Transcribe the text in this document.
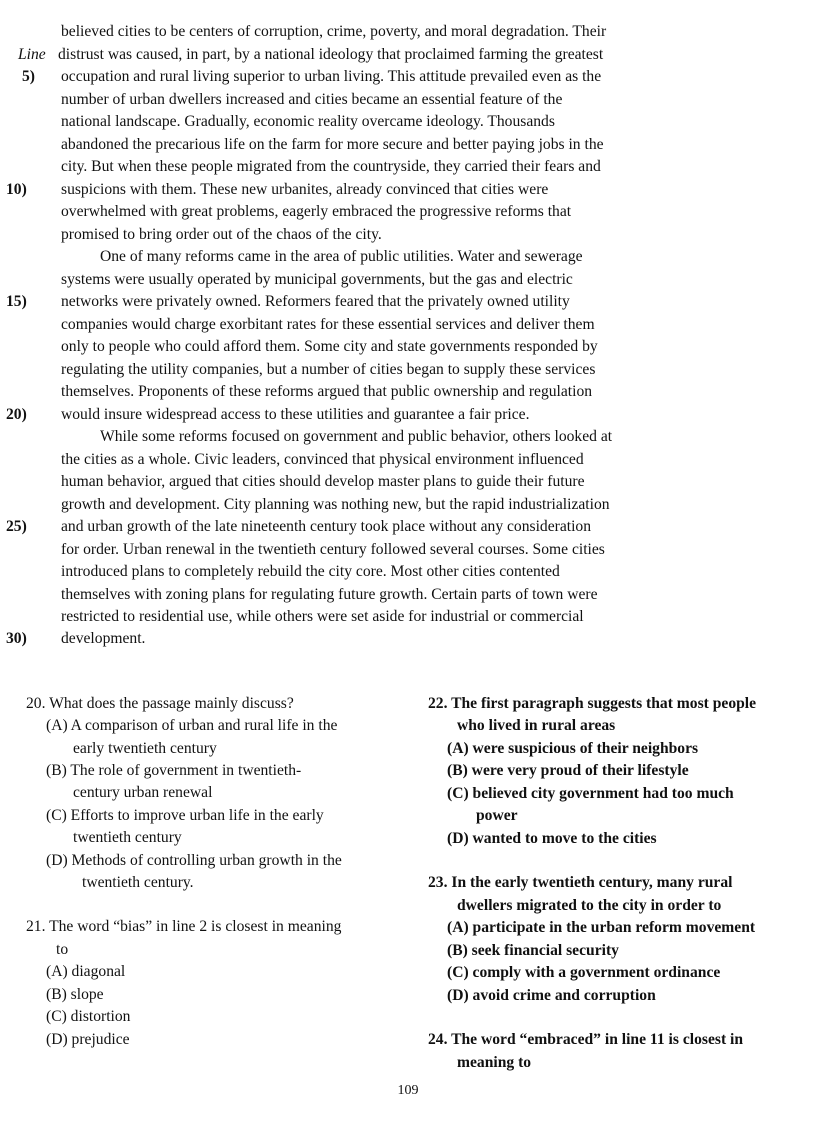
believed cities to be centers of corruption, crime, poverty, and moral degradation. Their
Line distrust was caused, in part, by a national ideology that proclaimed farming the greatest
5)	occupation and rural living superior to urban living. This attitude prevailed even as the
number of urban dwellers increased and cities became an essential feature of the
national landscape. Gradually, economic reality overcame ideology. Thousands
abandoned the precarious life on the farm for more secure and better paying jobs in the
city. But when these people migrated from the countryside, they carried their fears and
10)	suspicions with them. These new urbanites, already convinced that cities were
overwhelmed with great problems, eagerly embraced the progressive reforms that
promised to bring order out of the chaos of the city.
One of many reforms came in the area of public utilities. Water and sewerage
systems were usually operated by municipal governments, but the gas and electric
15)	networks were privately owned. Reformers feared that the privately owned utility
companies would charge exorbitant rates for these essential services and deliver them
only to people who could afford them. Some city and state governments responded by
regulating the utility companies, but a number of cities began to supply these services
themselves. Proponents of these reforms argued that public ownership and regulation
20)	would insure widespread access to these utilities and guarantee a fair price.
While some reforms focused on government and public behavior, others looked at
the cities as a whole. Civic leaders, convinced that physical environment influenced
human behavior, argued that cities should develop master plans to guide their future
growth and development. City planning was nothing new, but the rapid industrialization
25)	and urban growth of the late nineteenth century took place without any consideration
for order. Urban renewal in the twentieth century followed several courses. Some cities
introduced plans to completely rebuild the city core. Most other cities contented
themselves with zoning plans for regulating future growth. Certain parts of town were
restricted to residential use, while others were set aside for industrial or commercial
30)	development.
20. What does the passage mainly discuss?
(A) A comparison of urban and rural life in the
early twentieth century
(B) The role of government in twentieth-
century urban renewal
(C) Efforts to improve urban life in the early
twentieth century
(D) Methods of controlling urban growth in the
twentieth century.
21. The word “bias” in line 2 is closest in meaning
to
(A) diagonal
(B) slope
(C) distortion
(D) prejudice
22. The first paragraph suggests that most people
who lived in rural areas
(A) were suspicious of their neighbors
(B) were very proud of their lifestyle
(C) believed city government had too much
power
(D) wanted to move to the cities
23. In the early twentieth century, many rural
dwellers migrated to the city in order to
(A) participate in the urban reform movement
(B) seek financial security
(C) comply with a government ordinance
(D) avoid crime and corruption
24. The word “embraced” in line 11 is closest in
meaning to
109
